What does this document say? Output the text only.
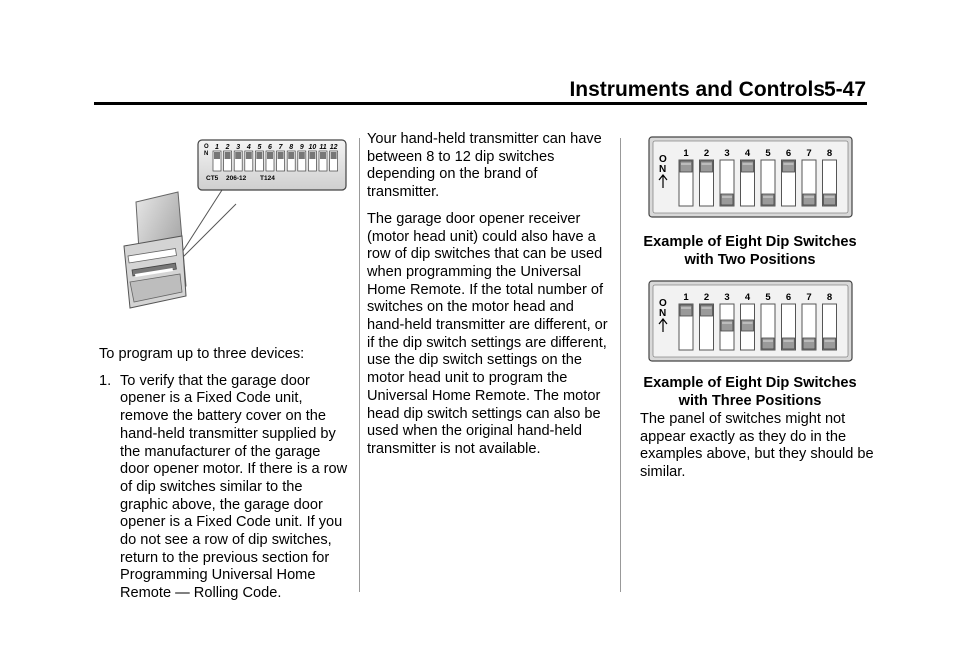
Instruments and Controls
5-47
1 2 3 4 5 6 7 8 9 10 11 12
O
N
CT5 206-12 T124

To program up to three devices:

1. To verify that the garage door opener is a Fixed Code unit, remove the battery cover on the hand-held transmitter supplied by the manufacturer of the garage door opener motor. If there is a row of dip switches similar to the graphic above, the garage door opener is a Fixed Code unit. If you do not see a row of dip switches, return to the previous section for Programming Universal Home Remote — Rolling Code.

Your hand-held transmitter can have between 8 to 12 dip switches depending on the brand of transmitter.

The garage door opener receiver (motor head unit) could also have a row of dip switches that can be used when programming the Universal Home Remote. If the total number of switches on the motor head and hand-held transmitter are different, or if the dip switch settings are different, use the dip switch settings on the motor head unit to program the Universal Home Remote. The motor head dip switch settings can also be used when the original hand-held transmitter is not available.

O
N
1 2 3 4 5 6 7 8
Example of Eight Dip Switches
with Two Positions
O
N
1 2 3 4 5 6 7 8
Example of Eight Dip Switches
with Three Positions

The panel of switches might not appear exactly as they do in the examples above, but they should be similar.
